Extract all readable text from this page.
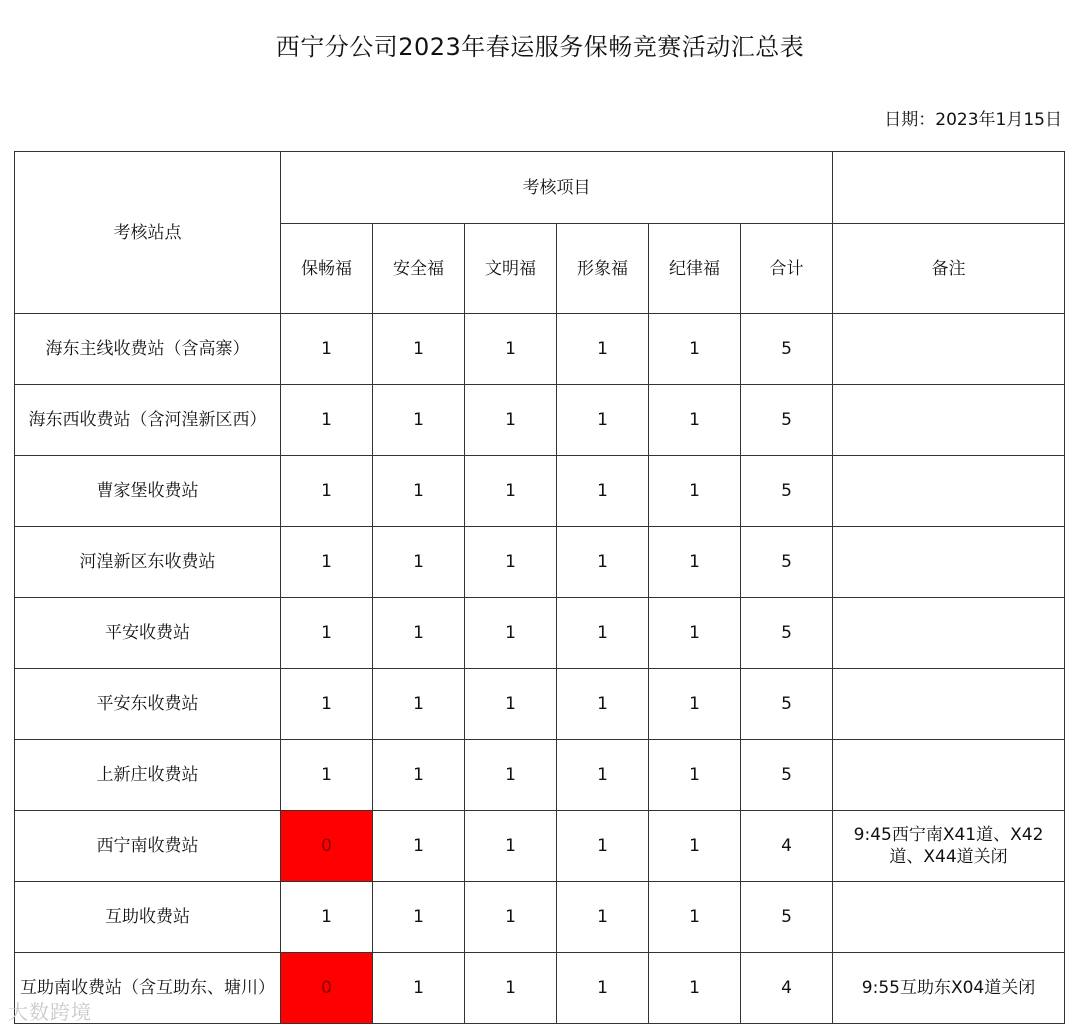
西宁分公司2023年春运服务保畅竞赛活动汇总表
日期：2023年1月15日
考核站点	考核项目						
	保畅福	安全福	文明福	形象福	纪律福	合计	备注
海东主线收费站（含高寨）	1	1	1	1	1	5	
海东西收费站（含河湟新区西）	1	1	1	1	1	5	
曹家堡收费站	1	1	1	1	1	5	
河湟新区东收费站	1	1	1	1	1	5	
平安收费站	1	1	1	1	1	5	
平安东收费站	1	1	1	1	1	5	
上新庄收费站	1	1	1	1	1	5	
西宁南收费站	0	1	1	1	1	4	9:45西宁南X41道、X42道、X44道关闭
互助收费站	1	1	1	1	1	5	
互助南收费站（含互助东、塘川）	0	1	1	1	1	4	9:55互助东X04道关闭
大数跨境
